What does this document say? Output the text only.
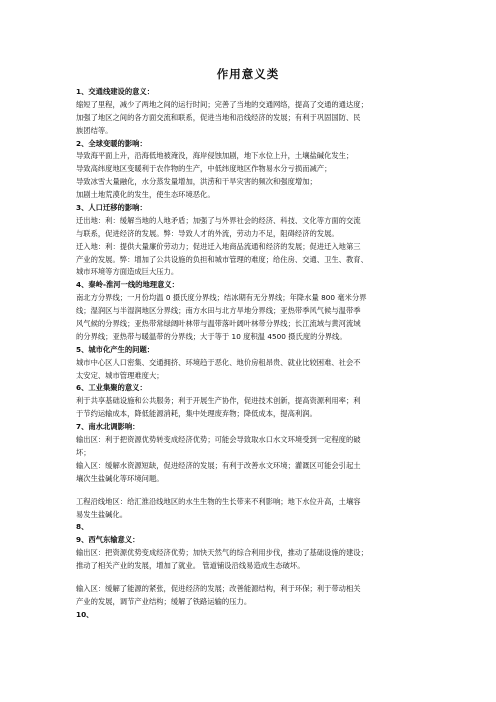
作用意义类
1、交通线建设的意义：
缩短了里程，减少了两地之间的运行时间；完善了当地的交通网络，提高了交通的通达度；
加强了地区之间的各方面交流和联系，促进当地和沿线经济的发展；有利于巩固国防、民
族团结等。
2、全球变暖的影响：
导致海平面上升，沿海低地被淹没，海岸侵蚀加剧，地下水位上升，土壤盐碱化发生；
导致高纬度地区变暖利于农作物的生产，中低纬度地区作物易水分亏损而减产；
导致冰雪大量融化，水分蒸发量增加，洪涝和干旱灾害的频次和强度增加；
加剧土地荒漠化的发生，使生态环境恶化。
3、人口迁移的影响：
迁出地：利：缓解当地的人地矛盾；加强了与外界社会的经济、科技、文化等方面的交流
与联系，促进经济的发展。弊：导致人才的外流，劳动力不足，阻碍经济的发展。
迁入地：利：提供大量廉价劳动力；促进迁入地商品流通和经济的发展；促进迁入地第三
产业的发展。弊：增加了公共设施的负担和城市管理的难度；给住房、交通、卫生、教育、
城市环境等方面造成巨大压力。
4、秦岭-淮河一线的地理意义：
南北方分界线；一月份均温 0 摄氏度分界线；结冰期有无分界线；年降水量 800 毫米分界
线；湿润区与半湿润地区分界线；南方水田与北方旱地分界线；亚热带季风气候与温带季
风气候的分界线；亚热带常绿阔叶林带与温带落叶阔叶林带分界线；长江流域与黄河流域
的分界线；亚热带与暖温带的分界线；大于等于 10 度积温 4500 摄氏度的分界线。
5、城市化产生的问题：
城市中心区人口密集、交通拥挤、环境趋于恶化、地价房租昂贵、就业比较困难、社会不
太安定、城市管理难度大；
6、工业集聚的意义：
利于共享基础设施和公共服务；利于开展生产协作，促进技术创新，提高资源利用率；利
于节约运输成本，降低能源消耗，集中处理废弃物；降低成本，提高利润。
7、南水北调影响：
输出区：利于把资源优势转变成经济优势；可能会导致取水口水文环境受到一定程度的破
坏；
输入区：缓解水资源短缺，促进经济的发展；有利于改善水文环境；灌溉区可能会引起土
壤次生盐碱化等环境问题。
工程沿线地区：给汇淮沿线地区的水生生物的生长带来不利影响；地下水位升高，土壤容
易发生盐碱化。
8、
9、西气东输意义：
输出区：把资源优势变成经济优势；加快天然气的综合利用步伐，推动了基础设施的建设；
推动了相关产业的发展，增加了就业。 管道铺设沿线易造成生态破坏。
输入区：缓解了能源的紧张，促进经济的发展；改善能源结构，利于环保；利于带动相关
产业的发展，调节产业结构；缓解了铁路运输的压力。
10、
